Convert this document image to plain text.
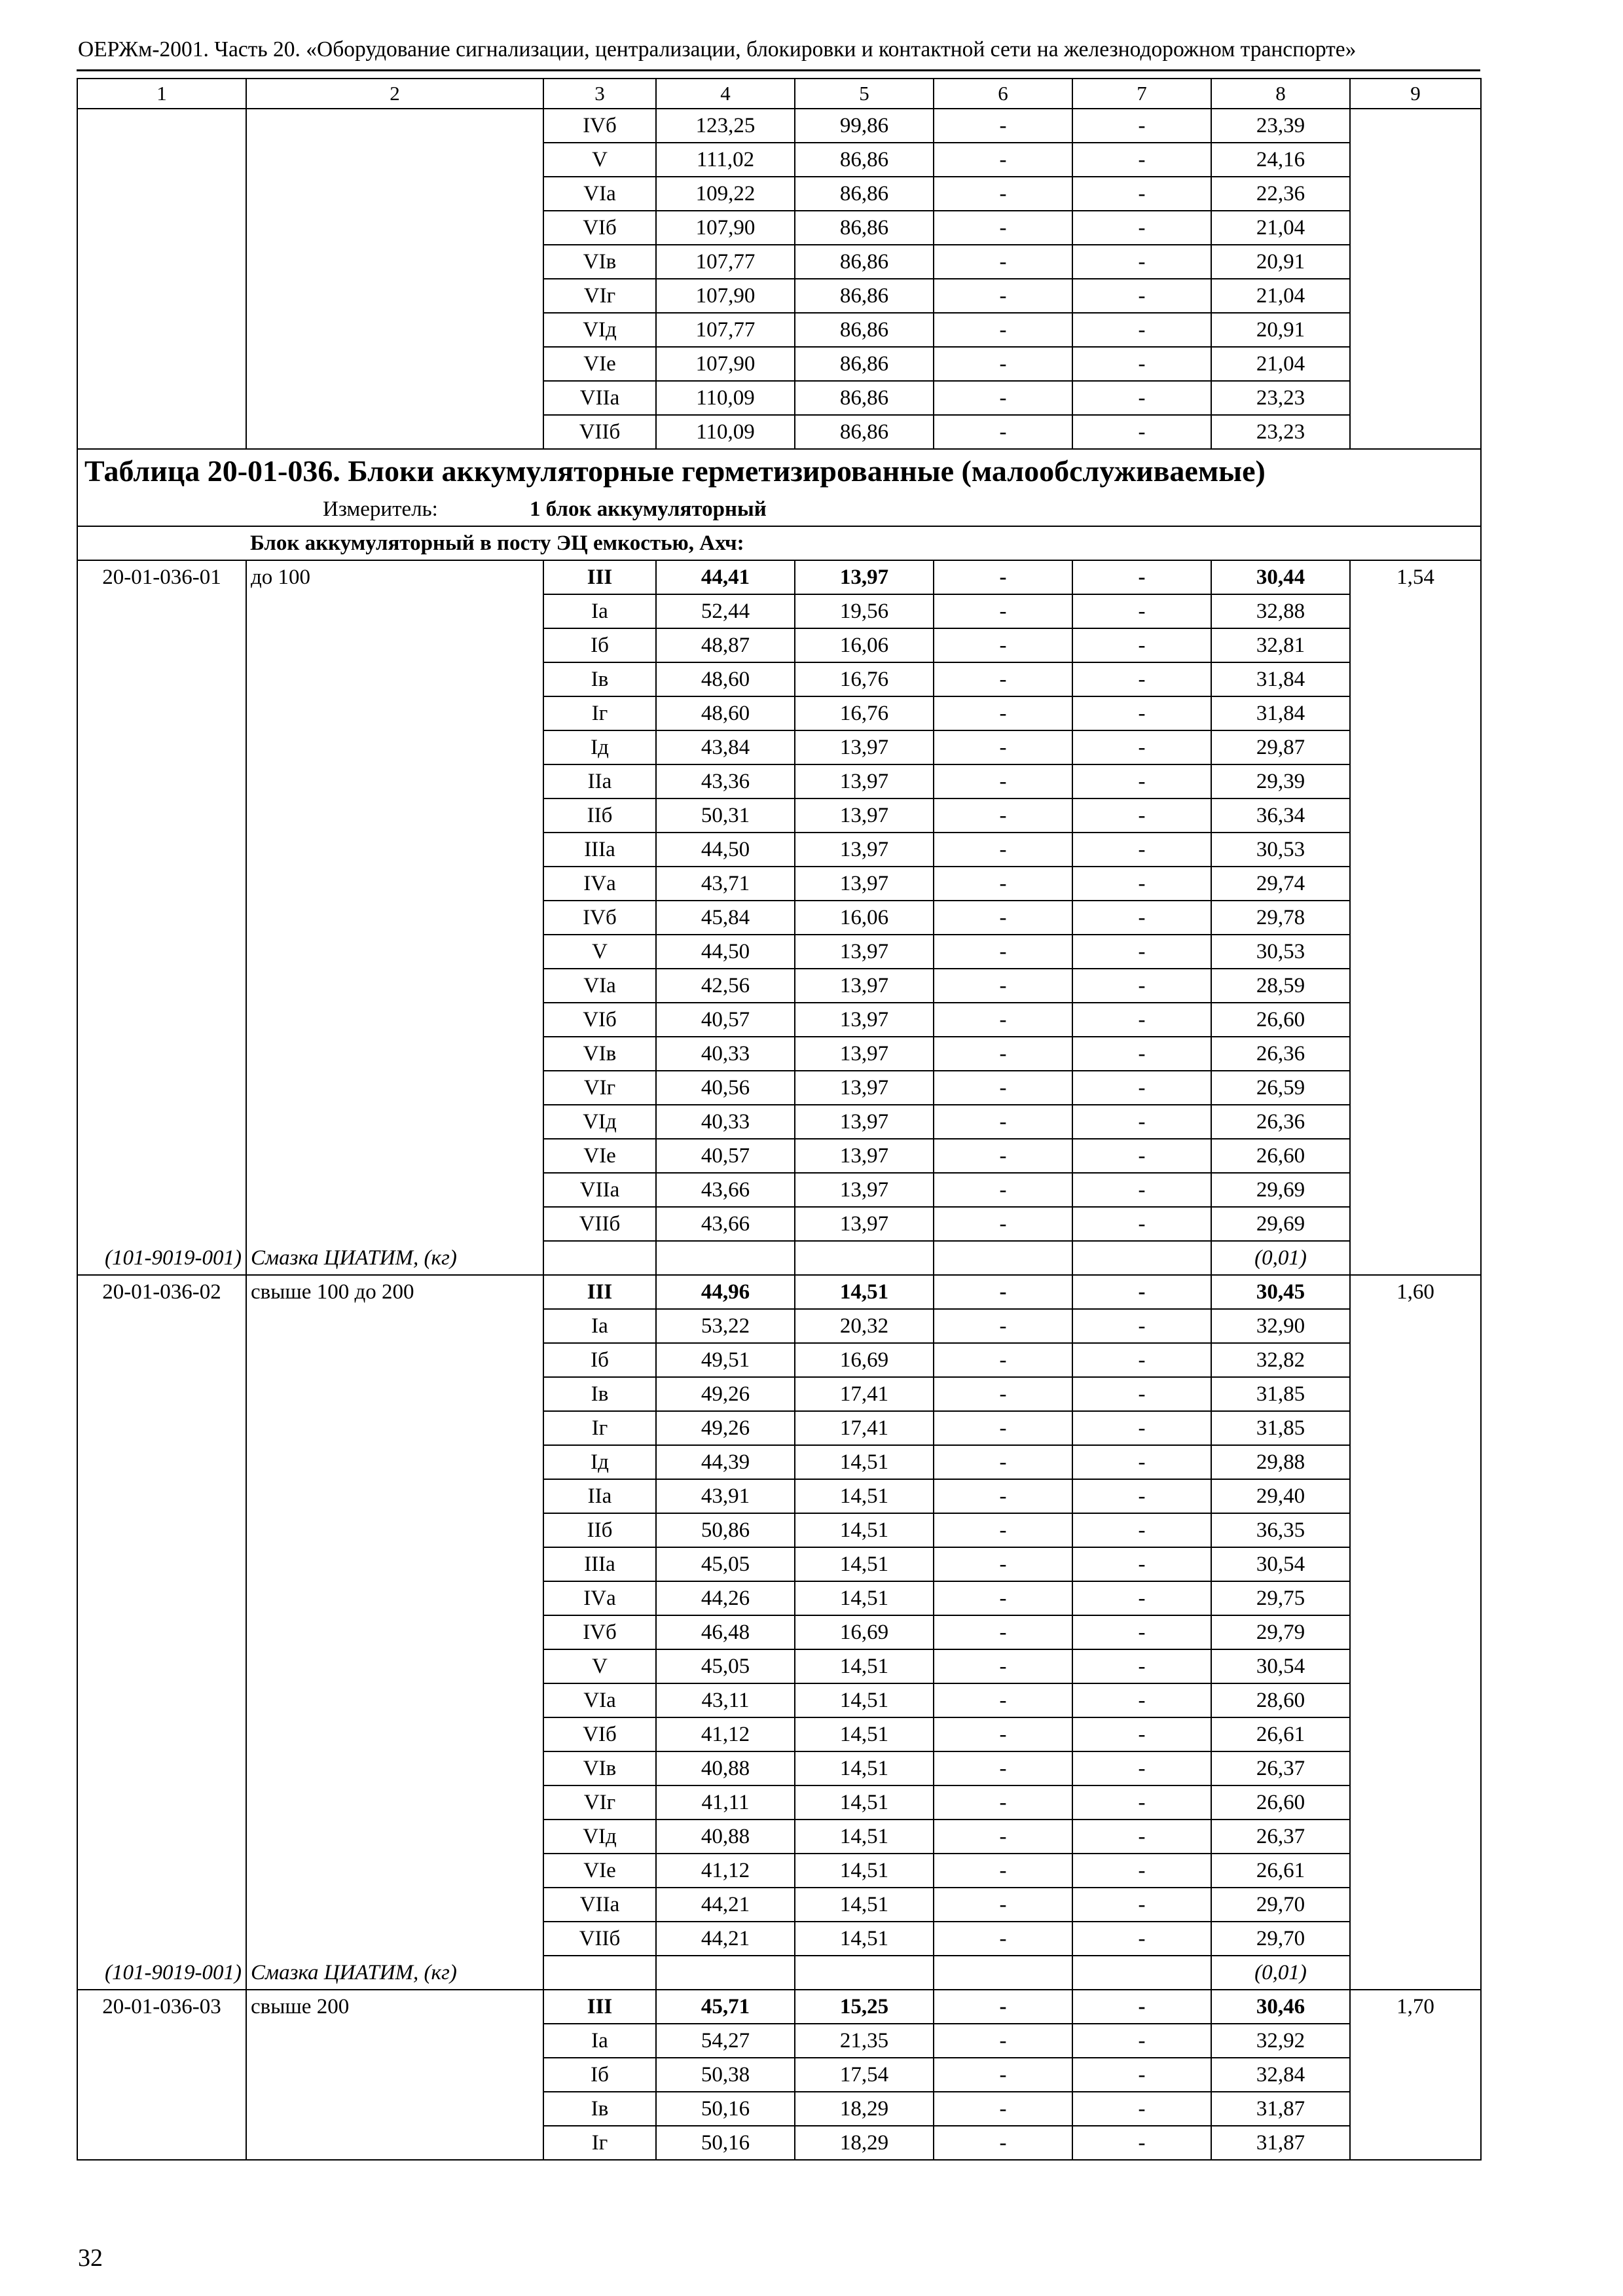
ОЕРЖм-2001. Часть 20. «Оборудование сигнализации, централизации, блокировки и контактной сети на железнодорожном транспорте»
1	2	3	4	5	6	7	8	9
		IVб	123,25	99,86	-	-	23,39	
		V	111,02	86,86	-	-	24,16	
		VIа	109,22	86,86	-	-	22,36	
		VIб	107,90	86,86	-	-	21,04	
		VIв	107,77	86,86	-	-	20,91	
		VIг	107,90	86,86	-	-	21,04	
		VIд	107,77	86,86	-	-	20,91	
		VIе	107,90	86,86	-	-	21,04	
		VIIа	110,09	86,86	-	-	23,23	
		VIIб	110,09	86,86	-	-	23,23	
Таблица 20-01-036. Блоки аккумуляторные герметизированные (малообслуживаемые)								
Измеритель: 1 блок аккумуляторный								
	Блок аккумуляторный в посту ЭЦ емкостью, Ахч:							
20-01-036-01	до 100	III	44,41	13,97	-	-	30,44	1,54
		Iа	52,44	19,56	-	-	32,88	
		Iб	48,87	16,06	-	-	32,81	
		Iв	48,60	16,76	-	-	31,84	
		Iг	48,60	16,76	-	-	31,84	
		Iд	43,84	13,97	-	-	29,87	
		IIа	43,36	13,97	-	-	29,39	
		IIб	50,31	13,97	-	-	36,34	
		IIIа	44,50	13,97	-	-	30,53	
		IVа	43,71	13,97	-	-	29,74	
		IVб	45,84	16,06	-	-	29,78	
		V	44,50	13,97	-	-	30,53	
		VIа	42,56	13,97	-	-	28,59	
		VIб	40,57	13,97	-	-	26,60	
		VIв	40,33	13,97	-	-	26,36	
		VIг	40,56	13,97	-	-	26,59	
		VIд	40,33	13,97	-	-	26,36	
		VIе	40,57	13,97	-	-	26,60	
		VIIа	43,66	13,97	-	-	29,69	
		VIIб	43,66	13,97	-	-	29,69	
(101-9019-001)	Смазка ЦИАТИМ, (кг)						(0,01)	
20-01-036-02	свыше 100 до 200	III	44,96	14,51	-	-	30,45	1,60
		Iа	53,22	20,32	-	-	32,90	
		Iб	49,51	16,69	-	-	32,82	
		Iв	49,26	17,41	-	-	31,85	
		Iг	49,26	17,41	-	-	31,85	
		Iд	44,39	14,51	-	-	29,88	
		IIа	43,91	14,51	-	-	29,40	
		IIб	50,86	14,51	-	-	36,35	
		IIIа	45,05	14,51	-	-	30,54	
		IVа	44,26	14,51	-	-	29,75	
		IVб	46,48	16,69	-	-	29,79	
		V	45,05	14,51	-	-	30,54	
		VIа	43,11	14,51	-	-	28,60	
		VIб	41,12	14,51	-	-	26,61	
		VIв	40,88	14,51	-	-	26,37	
		VIг	41,11	14,51	-	-	26,60	
		VIд	40,88	14,51	-	-	26,37	
		VIе	41,12	14,51	-	-	26,61	
		VIIа	44,21	14,51	-	-	29,70	
		VIIб	44,21	14,51	-	-	29,70	
(101-9019-001)	Смазка ЦИАТИМ, (кг)						(0,01)	
20-01-036-03	свыше 200	III	45,71	15,25	-	-	30,46	1,70
		Iа	54,27	21,35	-	-	32,92	
		Iб	50,38	17,54	-	-	32,84	
		Iв	50,16	18,29	-	-	31,87	
		Iг	50,16	18,29	-	-	31,87	
32
